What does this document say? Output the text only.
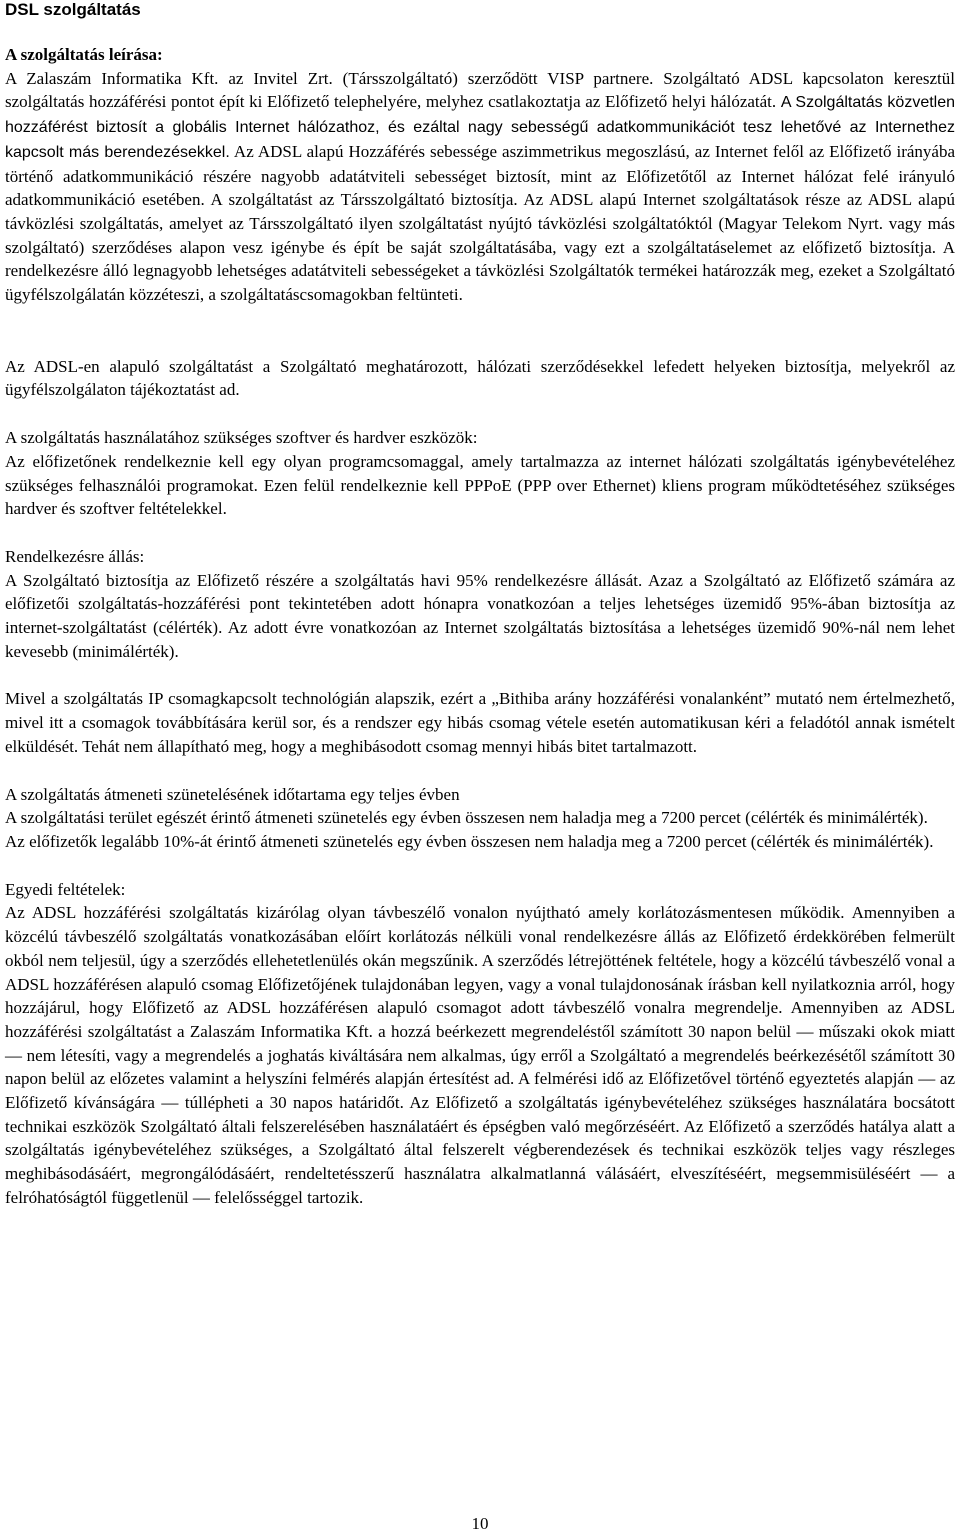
DSL szolgáltatás
A szolgáltatás leírása:

A Zalaszám Informatika Kft. az Invitel Zrt. (Társszolgáltató) szerződött VISP partnere. Szolgáltató ADSL kapcsolaton keresztül szolgáltatás hozzáférési pontot épít ki Előfizető telephelyére, melyhez csatlakoztatja az Előfizető helyi hálózatát. A Szolgáltatás közvetlen hozzáférést biztosít a globális Internet hálózathoz, és ezáltal nagy sebességű adatkommunikációt tesz lehetővé az Internethez kapcsolt más berendezésekkel. Az ADSL alapú Hozzáférés sebessége aszimmetrikus megoszlású, az Internet felől az Előfizető irányába történő adatkommunikáció részére nagyobb adatátviteli sebességet biztosít, mint az Előfizetőtől az Internet hálózat felé irányuló adatkommunikáció esetében. A szolgáltatást az Társszolgáltató biztosítja. Az ADSL alapú Internet szolgáltatások része az ADSL alapú távközlési szolgáltatás, amelyet az Társszolgáltató ilyen szolgáltatást nyújtó távközlési szolgáltatóktól (Magyar Telekom Nyrt. vagy más szolgáltató) szerződéses alapon vesz igénybe és épít be saját szolgáltatásába, vagy ezt a szolgáltatáselemet az előfizető biztosítja. A rendelkezésre álló legnagyobb lehetséges adatátviteli sebességeket a távközlési Szolgáltatók termékei határozzák meg, ezeket a Szolgáltató ügyfélszolgálatán közzéteszi, a szolgáltatáscsomagokban feltünteti.

Az ADSL-en alapuló szolgáltatást a Szolgáltató meghatározott, hálózati szerződésekkel lefedett helyeken biztosítja, melyekről az ügyfélszolgálaton tájékoztatást ad.

A szolgáltatás használatához szükséges szoftver és hardver eszközök:

Az előfizetőnek rendelkeznie kell egy olyan programcsomaggal, amely tartalmazza az internet hálózati szolgáltatás igénybevételéhez szükséges felhasználói programokat. Ezen felül rendelkeznie kell PPPoE (PPP over Ethernet) kliens program működtetéséhez szükséges hardver és szoftver feltételekkel.

Rendelkezésre állás:

A Szolgáltató biztosítja az Előfizető részére a szolgáltatás havi 95% rendelkezésre állását. Azaz a Szolgáltató az Előfizető számára az előfizetői szolgáltatás-hozzáférési pont tekintetében adott hónapra vonatkozóan a teljes lehetséges üzemidő 95%-ában biztosítja az internet-szolgáltatást (célérték). Az adott évre vonatkozóan az Internet szolgáltatás biztosítása a lehetséges üzemidő 90%-nál nem lehet kevesebb (minimálérték).

Mivel a szolgáltatás IP csomagkapcsolt technológián alapszik, ezért a „Bithiba arány hozzáférési vonalanként” mutató nem értelmezhető, mivel itt a csomagok továbbítására kerül sor, és a rendszer egy hibás csomag vétele esetén automatikusan kéri a feladótól annak ismételt elküldését. Tehát nem állapítható meg, hogy a meghibásodott csomag mennyi hibás bitet tartalmazott.

A szolgáltatás átmeneti szünetelésének időtartama egy teljes évben

A szolgáltatási terület egészét érintő átmeneti szünetelés egy évben összesen nem haladja meg a 7200 percet (célérték és minimálérték).

Az előfizetők legalább 10%-át érintő átmeneti szünetelés egy évben összesen nem haladja meg a 7200 percet (célérték és minimálérték).

Egyedi feltételek:

Az ADSL hozzáférési szolgáltatás kizárólag olyan távbeszélő vonalon nyújtható amely korlátozásmentesen működik. Amennyiben a közcélú távbeszélő szolgáltatás vonatkozásában előírt korlátozás nélküli vonal rendelkezésre állás az Előfizető érdekkörében felmerült okból nem teljesül, úgy a szerződés ellehetetlenülés okán megszűnik. A szerződés létrejöttének feltétele, hogy a közcélú távbeszélő vonal a ADSL hozzáférésen alapuló csomag Előfizetőjének tulajdonában legyen, vagy a vonal tulajdonosának írásban kell nyilatkoznia arról, hogy hozzájárul, hogy Előfizető az ADSL hozzáférésen alapuló csomagot adott távbeszélő vonalra megrendelje. Amennyiben az ADSL hozzáférési szolgáltatást a Zalaszám Informatika Kft. a hozzá beérkezett megrendeléstől számított 30 napon belül — műszaki okok miatt — nem létesíti, vagy a megrendelés a joghatás kiváltására nem alkalmas, úgy erről a Szolgáltató a megrendelés beérkezésétől számított 30 napon belül az előzetes valamint a helyszíni felmérés alapján értesítést ad. A felmérési idő az Előfizetővel történő egyeztetés alapján — az Előfizető kívánságára — túllépheti a 30 napos határidőt. Az Előfizető a szolgáltatás igénybevételéhez szükséges használatára bocsátott technikai eszközök Szolgáltató általi felszerelésében használatáért és épségben való megőrzéséért. Az Előfizető a szerződés hatálya alatt a szolgáltatás igénybevételéhez szükséges, a Szolgáltató által felszerelt végberendezések és technikai eszközök teljes vagy részleges meghibásodásáért, megrongálódásáért, rendeltetésszerű használatra alkalmatlanná válásáért, elveszítéséért, megsemmisüléséért — a felróhatóságtól függetlenül — felelősséggel tartozik.

10
